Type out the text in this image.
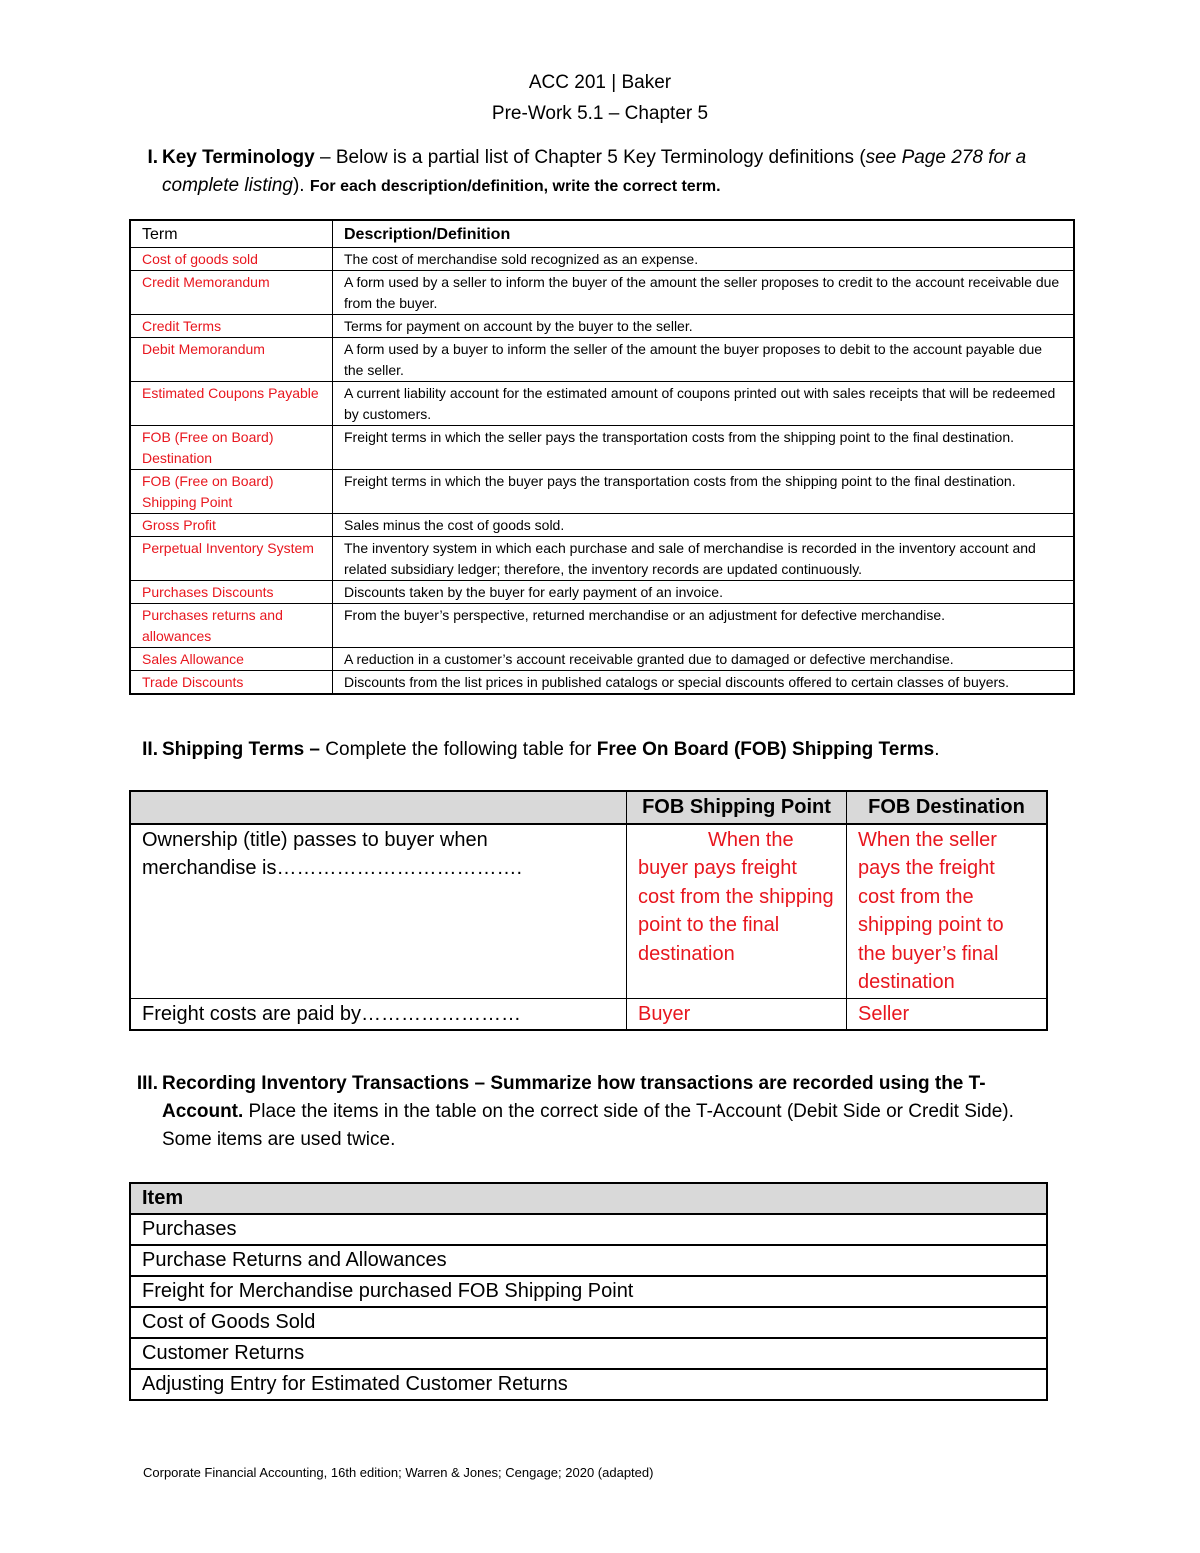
ACC 201 | Baker
Pre-Work 5.1 – Chapter 5
I. Key Terminology – Below is a partial list of Chapter 5 Key Terminology definitions (see Page 278 for a complete listing). For each description/definition, write the correct term.
Term	Description/Definition
Cost of goods sold	The cost of merchandise sold recognized as an expense.
Credit Memorandum	A form used by a seller to inform the buyer of the amount the seller proposes to credit to the account receivable due from the buyer.
Credit Terms	Terms for payment on account by the buyer to the seller.
Debit Memorandum	A form used by a buyer to inform the seller of the amount the buyer proposes to debit to the account payable due the seller.
Estimated Coupons Payable	A current liability account for the estimated amount of coupons printed out with sales receipts that will be redeemed by customers.
FOB (Free on Board) Destination	Freight terms in which the seller pays the transportation costs from the shipping point to the final destination.
FOB (Free on Board) Shipping Point	Freight terms in which the buyer pays the transportation costs from the shipping point to the final destination.
Gross Profit	Sales minus the cost of goods sold.
Perpetual Inventory System	The inventory system in which each purchase and sale of merchandise is recorded in the inventory account and related subsidiary ledger; therefore, the inventory records are updated continuously.
Purchases Discounts	Discounts taken by the buyer for early payment of an invoice.
Purchases returns and allowances	From the buyer’s perspective, returned merchandise or an adjustment for defective merchandise.
Sales Allowance	A reduction in a customer’s account receivable granted due to damaged or defective merchandise.
Trade Discounts	Discounts from the list prices in published catalogs or special discounts offered to certain classes of buyers.
II. Shipping Terms – Complete the following table for Free On Board (FOB) Shipping Terms.
	FOB Shipping Point	FOB Destination

Ownership (title) passes to buyer when merchandise is……………………………….	When the buyer pays freight cost from the shipping point to the final destination	When the seller pays the freight cost from the shipping point to the buyer’s final destination
Freight costs are paid by……………………	Buyer	Seller
III. Recording Inventory Transactions – Summarize how transactions are recorded using the T-Account. Place the items in the table on the correct side of the T-Account (Debit Side or Credit Side). Some items are used twice.
Item
Purchases
Purchase Returns and Allowances
Freight for Merchandise purchased FOB Shipping Point
Cost of Goods Sold
Customer Returns
Adjusting Entry for Estimated Customer Returns
Corporate Financial Accounting, 16th edition; Warren & Jones; Cengage; 2020 (adapted)
